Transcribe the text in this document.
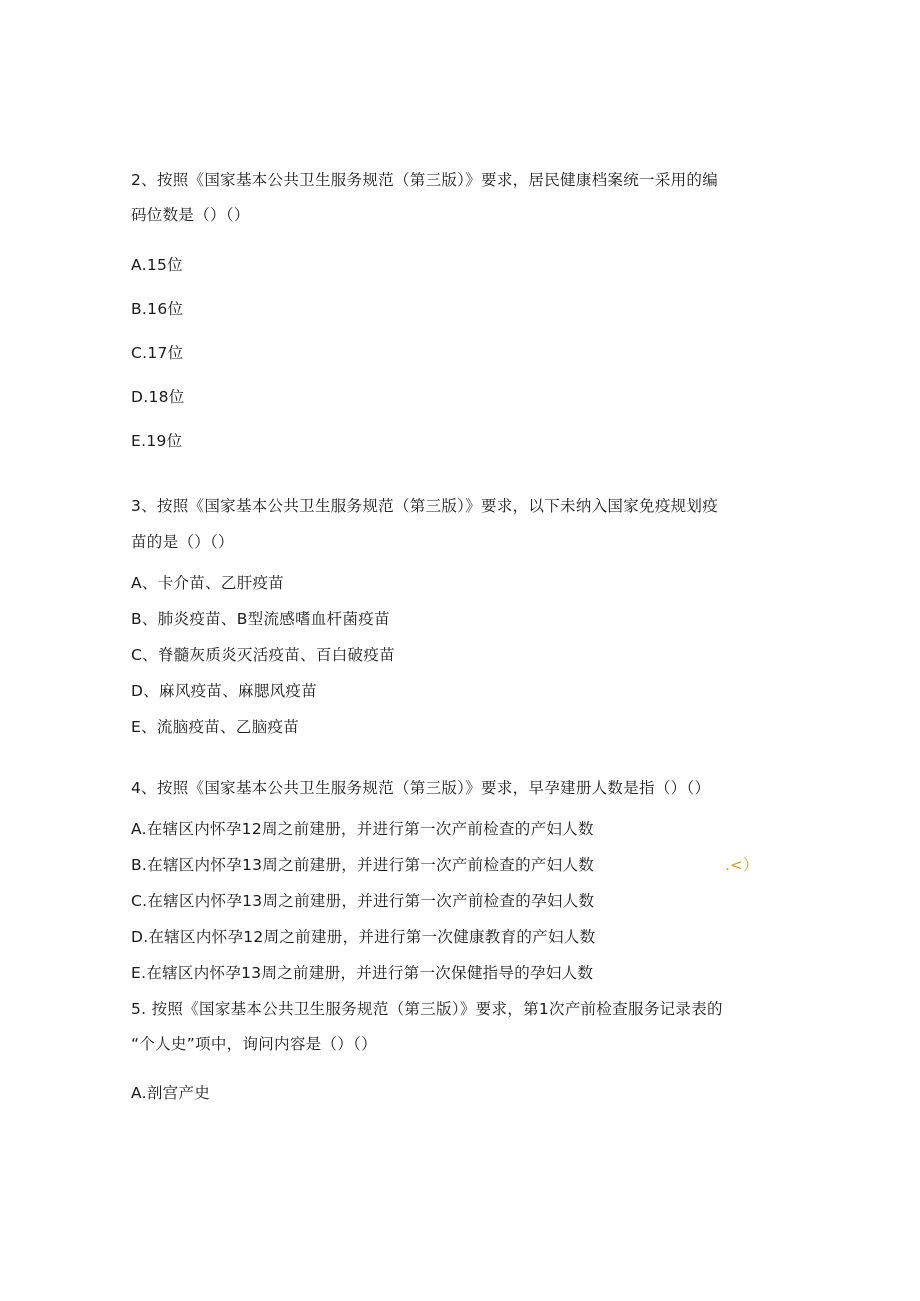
2、按照《国家基本公共卫生服务规范（第三版）》要求，居民健康档案统一采用的编
码位数是（）（）
A.15位
B.16位
C.17位
D.18位
E.19位
3、按照《国家基本公共卫生服务规范（第三版）》要求，以下未纳入国家免疫规划疫
苗的是（）（）
A、卡介苗、乙肝疫苗
B、肺炎疫苗、B型流感嗜血杆菌疫苗
C、脊髓灰质炎灭活疫苗、百白破疫苗
D、麻风疫苗、麻腮风疫苗
E、流脑疫苗、乙脑疫苗
4、按照《国家基本公共卫生服务规范（第三版）》要求，早孕建册人数是指（）（）
A.在辖区内怀孕12周之前建册，并进行第一次产前检查的产妇人数
B.在辖区内怀孕13周之前建册，并进行第一次产前检查的产妇人数
C.在辖区内怀孕13周之前建册，并进行第一次产前检查的孕妇人数
D.在辖区内怀孕12周之前建册，并进行第一次健康教育的产妇人数
E.在辖区内怀孕13周之前建册，并进行第一次保健指导的孕妇人数
.<）
5. 按照《国家基本公共卫生服务规范（第三版）》要求，第1次产前检查服务记录表的
“个人史”项中，询问内容是（）（）
A.剖宫产史
